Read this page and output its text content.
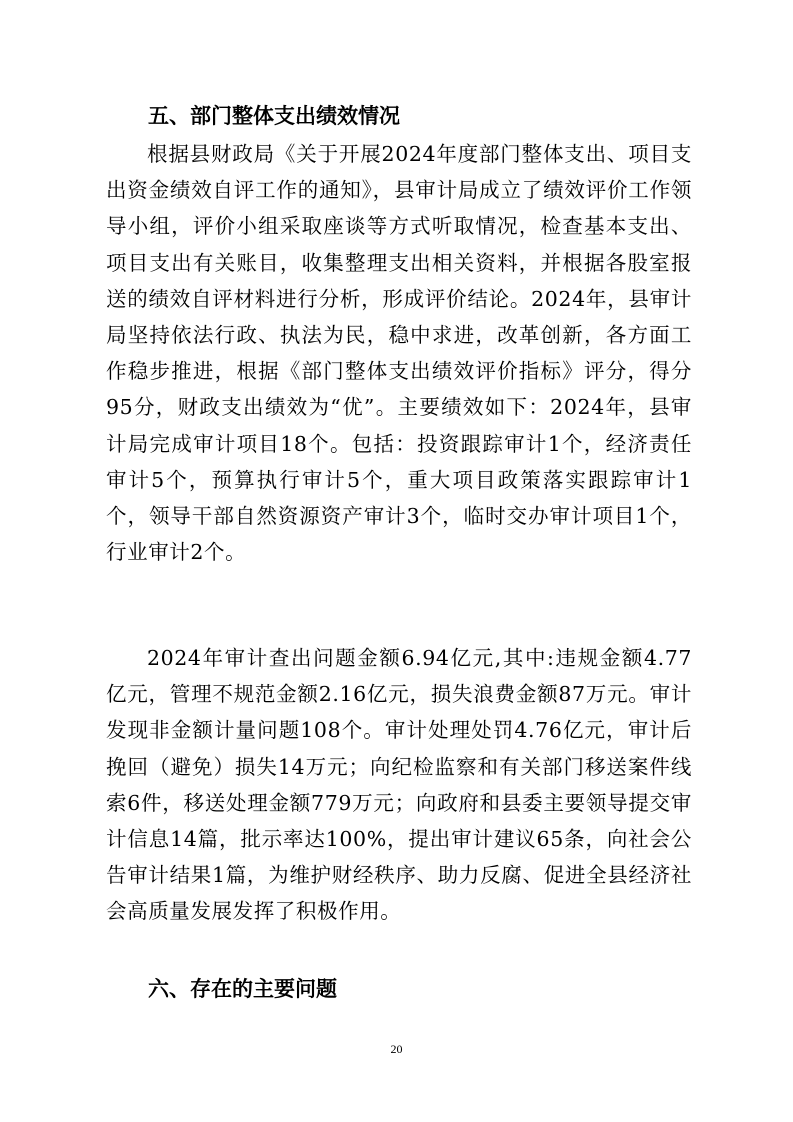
五、部门整体支出绩效情况

根据县财政局《关于开展2024年度部门整体支出、项目支出资金绩效自评工作的通知》，县审计局成立了绩效评价工作领导小组，评价小组采取座谈等方式听取情况，检查基本支出、项目支出有关账目，收集整理支出相关资料，并根据各股室报送的绩效自评材料进行分析，形成评价结论。2024年，县审计局坚持依法行政、执法为民，稳中求进，改革创新，各方面工作稳步推进，根据《部门整体支出绩效评价指标》评分，得分95分，财政支出绩效为“优”。主要绩效如下：2024年，县审计局完成审计项目18个。包括：投资跟踪审计1个，经济责任审计5个，预算执行审计5个，重大项目政策落实跟踪审计1个，领导干部自然资源资产审计3个，临时交办审计项目1个，行业审计2个。

2024年审计查出问题金额6.94亿元,其中:违规金额4.77亿元，管理不规范金额2.16亿元，损失浪费金额87万元。审计发现非金额计量问题108个。审计处理处罚4.76亿元，审计后挽回（避免）损失14万元；向纪检监察和有关部门移送案件线索6件，移送处理金额779万元；向政府和县委主要领导提交审计信息14篇，批示率达100%，提出审计建议65条，向社会公告审计结果1篇，为维护财经秩序、助力反腐、促进全县经济社会高质量发展发挥了积极作用。

六、存在的主要问题
20
